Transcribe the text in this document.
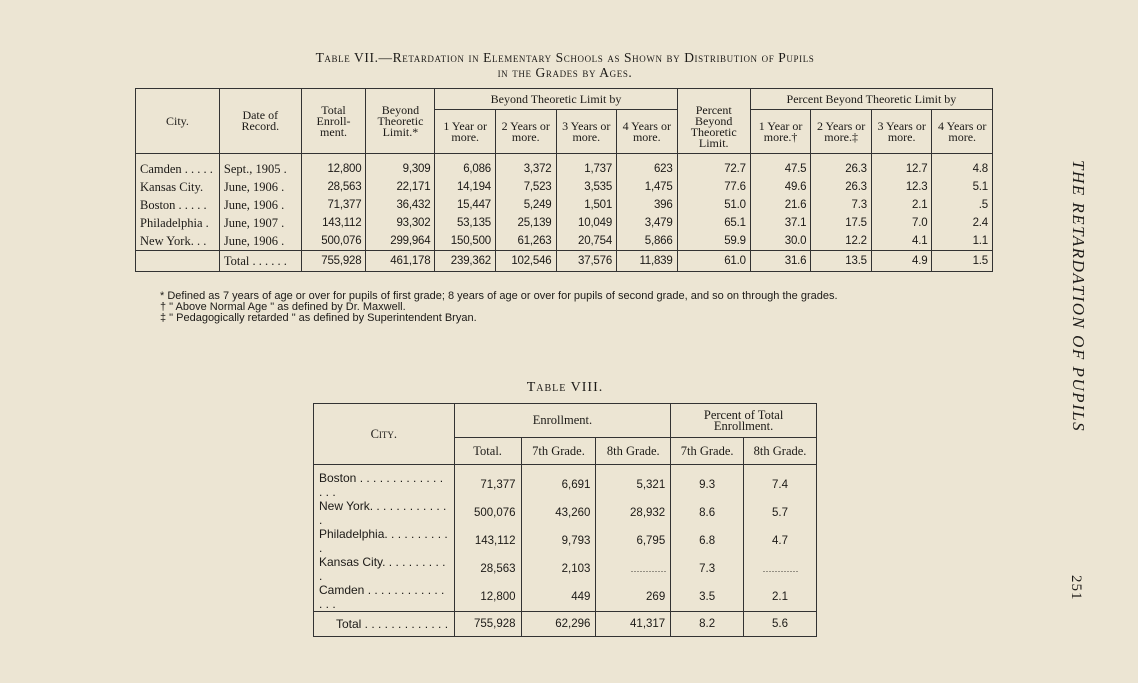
Table VII.—Retardation in Elementary Schools as Shown by Distribution of Pupils
in the Grades by Ages.
City.	Date of Record.	Total Enroll- ment.	Beyond Theoretic Limit.*	Beyond Theoretic Limit by				Percent Beyond Theoretic Limit.	Percent Beyond Theoretic Limit by			
				1 Year or more.	2 Years or more.	3 Years or more.	4 Years or more.		1 Year or more.†	2 Years or more.‡	3 Years or more.	4 Years or more.
Camden . . . . .	Sept., 1905 .	12,800	9,309	6,086	3,372	1,737	623	72.7	47.5	26.3	12.7	4.8
Kansas City.	June, 1906 .	28,563	22,171	14,194	7,523	3,535	1,475	77.6	49.6	26.3	12.3	5.1
Boston . . . . .	June, 1906 .	71,377	36,432	15,447	5,249	1,501	396	51.0	21.6	7.3	2.1	.5
Philadelphia .	June, 1907 .	143,112	93,302	53,135	25,139	10,049	3,479	65.1	37.1	17.5	7.0	2.4
New York. . .	June, 1906 .	500,076	299,964	150,500	61,263	20,754	5,866	59.9	30.0	12.2	4.1	1.1
	Total . . . . . .	755,928	461,178	239,362	102,546	37,576	11,839	61.0	31.6	13.5	4.9	1.5
* Defined as 7 years of age or over for pupils of first grade; 8 years of age or over for pupils of second grade, and so on through the grades.
† " Above Normal Age " as defined by Dr. Maxwell.
‡ " Pedagogically retarded " as defined by Superintendent Bryan.
Table VIII.
City.	Enrollment.			Percent of Total Enrollment.	
	Total.	7th Grade.	8th Grade.	7th Grade.	8th Grade.
Boston . . . . . . . . . . . . . . . .	71,377	6,691	5,321	9.3	7.4
New York. . . . . . . . . . . . .	500,076	43,260	28,932	8.6	5.7
Philadelphia. . . . . . . . . . .	143,112	9,793	6,795	6.8	4.7
Kansas City. . . . . . . . . . .	28,563	2,103	. . . . . . . . . . . .	7.3	. . . . . . . . . . . .
Camden . . . . . . . . . . . . . . .	12,800	449	269	3.5	2.1
Total . . . . . . . . . . . . .	755,928	62,296	41,317	8.2	5.6
THE RETARDATION OF PUPILS
251
